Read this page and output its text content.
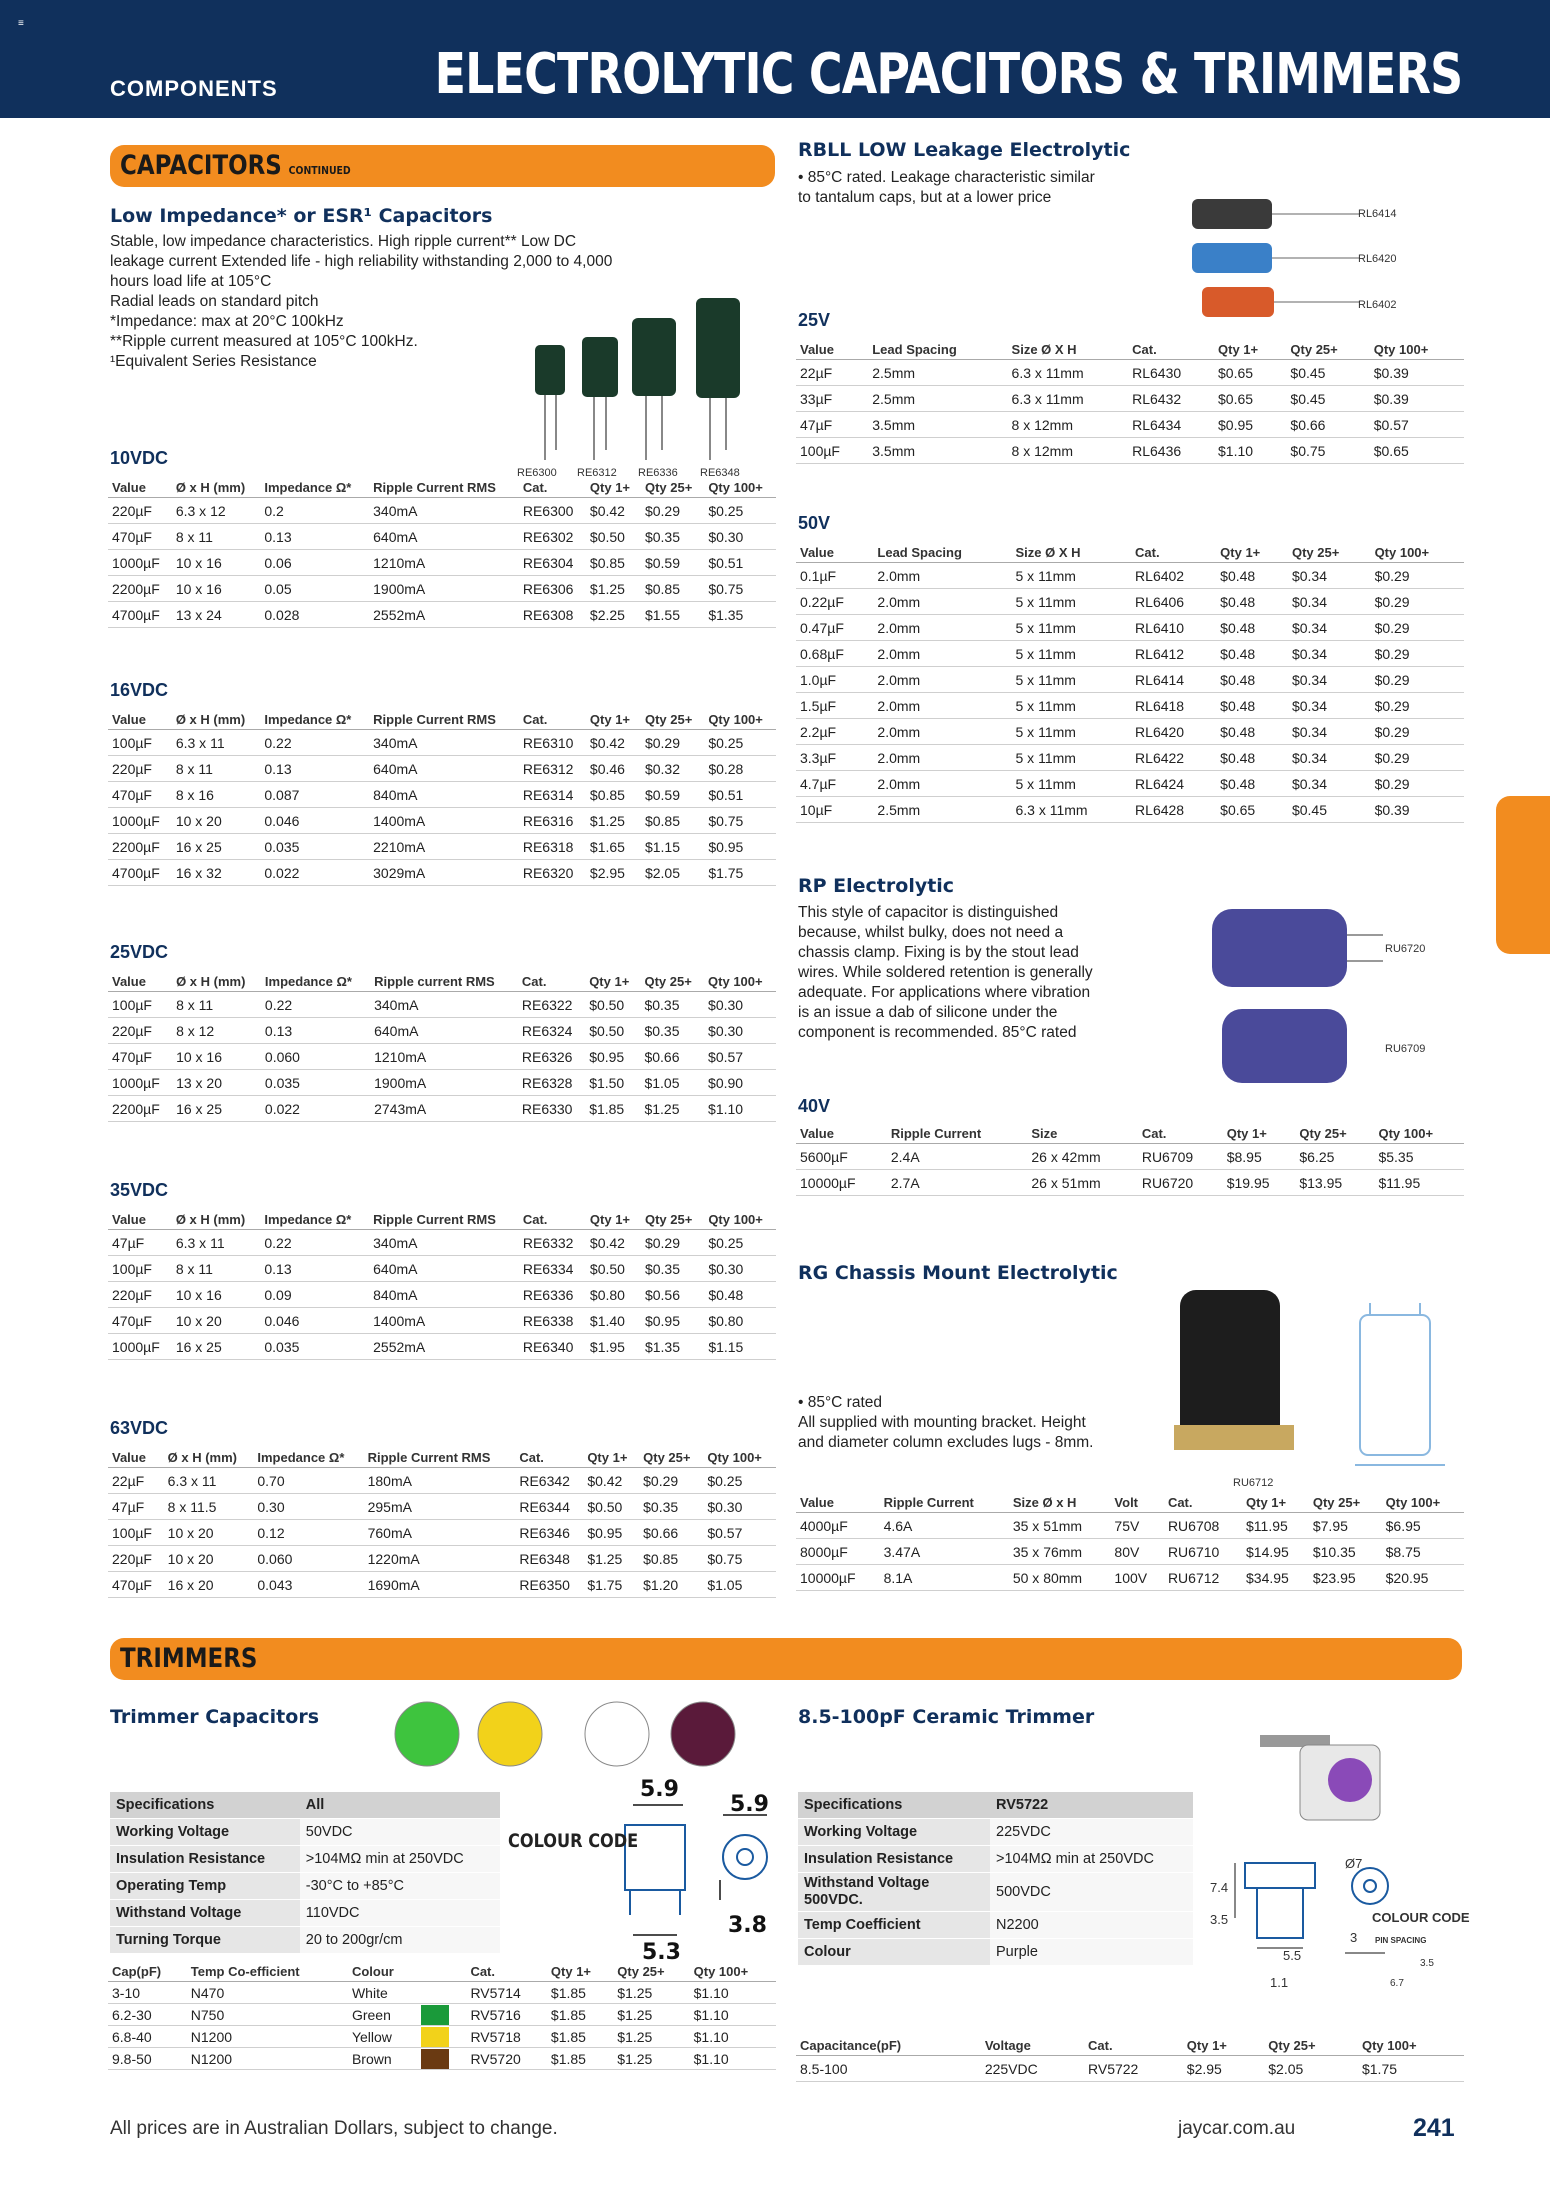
≡
COMPONENTS	ELECTROLYTIC CAPACITORS & TRIMMERS
CAPACITORS CONTINUED
Low Impedance* or ESR¹ Capacitors
Stable, low impedance characteristics. High ripple current** Low DC
leakage current Extended life - high reliability withstanding 2,000 to 4,000
hours load life at 105°C
Radial leads on standard pitch
*Impedance: max at 20°C 100kHz
**Ripple current measured at 105°C 100kHz.
¹Equivalent Series Resistance
RE6300 RE6312 RE6336 RE6348
10VDC
Value	Ø x H (mm)	Impedance Ω*	Ripple Current RMS	Cat.	Qty 1+	Qty 25+	Qty 100+
220µF	6.3 x 12	0.2	340mA	RE6300	$0.42	$0.29	$0.25
470µF	8 x 11	0.13	640mA	RE6302	$0.50	$0.35	$0.30
1000µF	10 x 16	0.06	1210mA	RE6304	$0.85	$0.59	$0.51
2200µF	10 x 16	0.05	1900mA	RE6306	$1.25	$0.85	$0.75
4700µF	13 x 24	0.028	2552mA	RE6308	$2.25	$1.55	$1.35
16VDC
Value	Ø x H (mm)	Impedance Ω*	Ripple Current RMS	Cat.	Qty 1+	Qty 25+	Qty 100+
100µF	6.3 x 11	0.22	340mA	RE6310	$0.42	$0.29	$0.25
220µF	8 x 11	0.13	640mA	RE6312	$0.46	$0.32	$0.28
470µF	8 x 16	0.087	840mA	RE6314	$0.85	$0.59	$0.51
1000µF	10 x 20	0.046	1400mA	RE6316	$1.25	$0.85	$0.75
2200µF	16 x 25	0.035	2210mA	RE6318	$1.65	$1.15	$0.95
4700µF	16 x 32	0.022	3029mA	RE6320	$2.95	$2.05	$1.75
25VDC
Value	Ø x H (mm)	Impedance Ω*	Ripple current RMS	Cat.	Qty 1+	Qty 25+	Qty 100+
100µF	8 x 11	0.22	340mA	RE6322	$0.50	$0.35	$0.30
220µF	8 x 12	0.13	640mA	RE6324	$0.50	$0.35	$0.30
470µF	10 x 16	0.060	1210mA	RE6326	$0.95	$0.66	$0.57
1000µF	13 x 20	0.035	1900mA	RE6328	$1.50	$1.05	$0.90
2200µF	16 x 25	0.022	2743mA	RE6330	$1.85	$1.25	$1.10
35VDC
Value	Ø x H (mm)	Impedance Ω*	Ripple Current RMS	Cat.	Qty 1+	Qty 25+	Qty 100+
47µF	6.3 x 11	0.22	340mA	RE6332	$0.42	$0.29	$0.25
100µF	8 x 11	0.13	640mA	RE6334	$0.50	$0.35	$0.30
220µF	10 x 16	0.09	840mA	RE6336	$0.80	$0.56	$0.48
470µF	10 x 20	0.046	1400mA	RE6338	$1.40	$0.95	$0.80
1000µF	16 x 25	0.035	2552mA	RE6340	$1.95	$1.35	$1.15
63VDC
Value	Ø x H (mm)	Impedance Ω*	Ripple Current RMS	Cat.	Qty 1+	Qty 25+	Qty 100+
22µF	6.3 x 11	0.70	180mA	RE6342	$0.42	$0.29	$0.25
47µF	8 x 11.5	0.30	295mA	RE6344	$0.50	$0.35	$0.30
100µF	10 x 20	0.12	760mA	RE6346	$0.95	$0.66	$0.57
220µF	10 x 20	0.060	1220mA	RE6348	$1.25	$0.85	$0.75
470µF	16 x 20	0.043	1690mA	RE6350	$1.75	$1.20	$1.05
RBLL LOW Leakage Electrolytic
• 85°C rated. Leakage characteristic similar
to tantalum caps, but at a lower price
RL6414
RL6420
RL6402
25V
Value	Lead Spacing	Size Ø X H	Cat.	Qty 1+	Qty 25+	Qty 100+
22µF	2.5mm	6.3 x 11mm	RL6430	$0.65	$0.45	$0.39
33µF	2.5mm	6.3 x 11mm	RL6432	$0.65	$0.45	$0.39
47µF	3.5mm	8 x 12mm	RL6434	$0.95	$0.66	$0.57
100µF	3.5mm	8 x 12mm	RL6436	$1.10	$0.75	$0.65
50V
Value	Lead Spacing	Size Ø X H	Cat.	Qty 1+	Qty 25+	Qty 100+
0.1µF	2.0mm	5 x 11mm	RL6402	$0.48	$0.34	$0.29
0.22µF	2.0mm	5 x 11mm	RL6406	$0.48	$0.34	$0.29
0.47µF	2.0mm	5 x 11mm	RL6410	$0.48	$0.34	$0.29
0.68µF	2.0mm	5 x 11mm	RL6412	$0.48	$0.34	$0.29
1.0µF	2.0mm	5 x 11mm	RL6414	$0.48	$0.34	$0.29
1.5µF	2.0mm	5 x 11mm	RL6418	$0.48	$0.34	$0.29
2.2µF	2.0mm	5 x 11mm	RL6420	$0.48	$0.34	$0.29
3.3µF	2.0mm	5 x 11mm	RL6422	$0.48	$0.34	$0.29
4.7µF	2.0mm	5 x 11mm	RL6424	$0.48	$0.34	$0.29
10µF	2.5mm	6.3 x 11mm	RL6428	$0.65	$0.45	$0.39
RP Electrolytic
This style of capacitor is distinguished
because, whilst bulky, does not need a
chassis clamp. Fixing is by the stout lead
wires. While soldered retention is generally
adequate. For applications where vibration
is an issue a dab of silicone under the
component is recommended. 85°C rated
RU6720
RU6709
40V
Value	Ripple Current	Size	Cat.	Qty 1+	Qty 25+	Qty 100+
5600µF	2.4A	26 x 42mm	RU6709	$8.95	$6.25	$5.35
10000µF	2.7A	26 x 51mm	RU6720	$19.95	$13.95	$11.95
RG Chassis Mount Electrolytic
• 85°C rated
All supplied with mounting bracket. Height
and diameter column excludes lugs - 8mm.
RU6712
Value	Ripple Current	Size Ø x H	Volt	Cat.	Qty 1+	Qty 25+	Qty 100+
4000µF	4.6A	35 x 51mm	75V	RU6708	$11.95	$7.95	$6.95
8000µF	3.47A	35 x 76mm	80V	RU6710	$14.95	$10.35	$8.75
10000µF	8.1A	50 x 80mm	100V	RU6712	$34.95	$23.95	$20.95
TRIMMERS
Trimmer Capacitors
Specifications	All
Working Voltage	50VDC
Insulation Resistance	>104MΩ min at 250VDC
Operating Temp	-30°C to +85°C
Withstand Voltage	110VDC
Turning Torque	20 to 200gr/cm
5.9
5.9
5.3
3.8
COLOUR CODE
Cap(pF)	Temp Co-efficient	Colour		Cat.	Qty 1+	Qty 25+	Qty 100+
3-10	N470	White		RV5714	$1.85	$1.25	$1.10
6.2-30	N750	Green		RV5716	$1.85	$1.25	$1.10
6.8-40	N1200	Yellow		RV5718	$1.85	$1.25	$1.10
9.8-50	N1200	Brown		RV5720	$1.85	$1.25	$1.10
8.5-100pF Ceramic Trimmer
Specifications	RV5722
Working Voltage	225VDC
Insulation Resistance	>104MΩ min at 250VDC
Withstand Voltage 500VDC.	500VDC
Temp Coefficient	N2200
Colour	Purple
7.4
3.5
5.5
1.1
Ø7
3
3.5
6.7
COLOUR CODE
PIN SPACING
Capacitance(pF)	Voltage	Cat.	Qty 1+	Qty 25+	Qty 100+
8.5-100	225VDC	RV5722	$2.95	$2.05	$1.75
All prices are in Australian Dollars, subject to change.	jaycar.com.au	241
